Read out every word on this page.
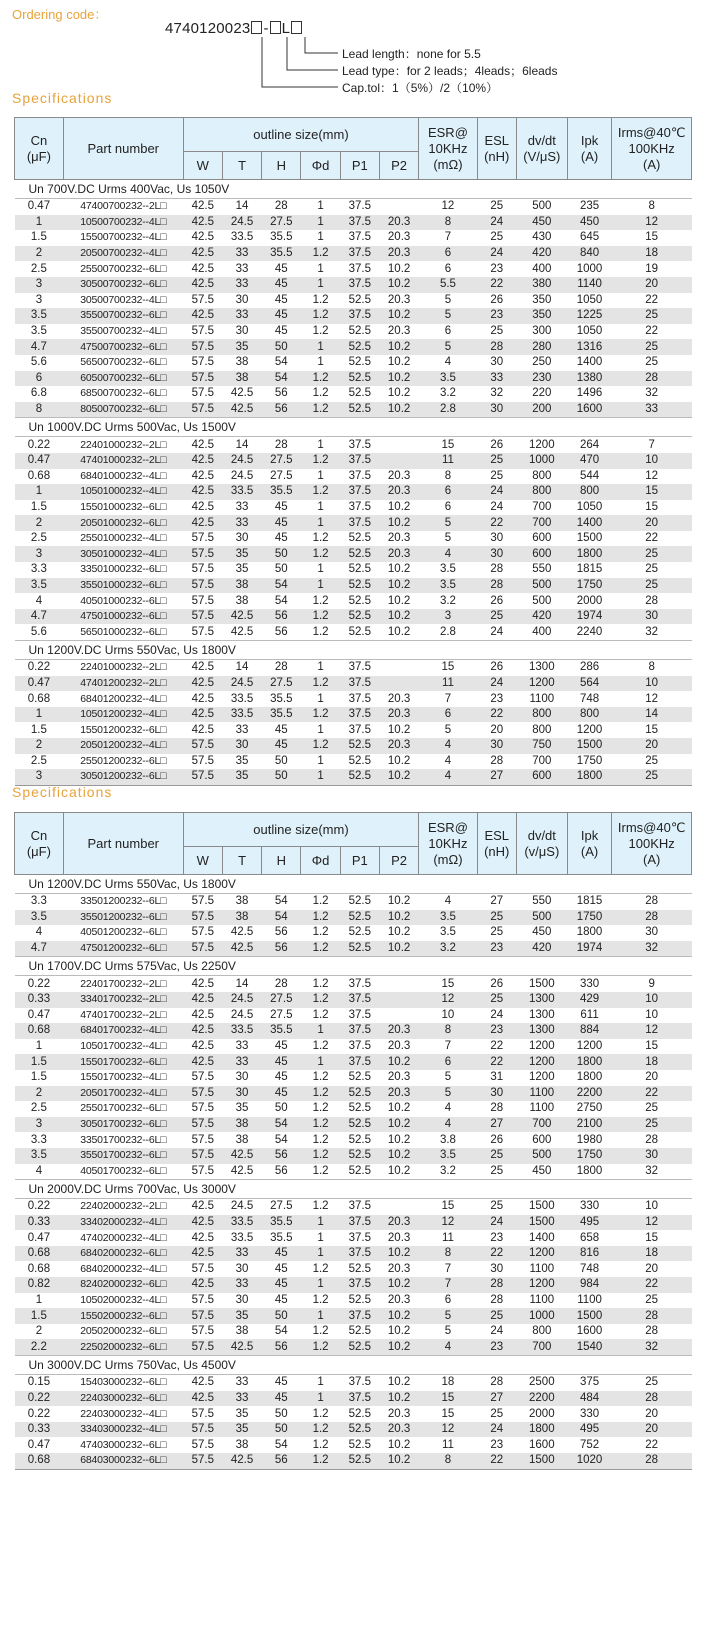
Ordering code：
4740120023 - L
Lead length：none for 5.5
Lead type：for 2 leads；4leads；6leads
Cap.tol：1（5%）/2（10%）
Specifications
Cn
(μF)	Part number	outline size(mm)						ESR@
10KHz
(mΩ)	ESL
(nH)	dv/dt
(V/μS)	Ipk
(A)	Irms@40℃
100KHz
(A)
		W	T	H	Φd	P1	P2					
Un 700V.DC Urms 400Vac, Us 1050V												
0.47	47400700232--2L□	42.5	14	28	1	37.5		12	25	500	235	8
1	10500700232--4L□	42.5	24.5	27.5	1	37.5	20.3	8	24	450	450	12
1.5	15500700232--4L□	42.5	33.5	35.5	1	37.5	20.3	7	25	430	645	15
2	20500700232--4L□	42.5	33	35.5	1.2	37.5	20.3	6	24	420	840	18
2.5	25500700232--6L□	42.5	33	45	1	37.5	10.2	6	23	400	1000	19
3	30500700232--6L□	42.5	33	45	1	37.5	10.2	5.5	22	380	1140	20
3	30500700232--4L□	57.5	30	45	1.2	52.5	20.3	5	26	350	1050	22
3.5	35500700232--6L□	42.5	33	45	1.2	37.5	10.2	5	23	350	1225	25
3.5	35500700232--4L□	57.5	30	45	1.2	52.5	20.3	6	25	300	1050	22
4.7	47500700232--6L□	57.5	35	50	1	52.5	10.2	5	28	280	1316	25
5.6	56500700232--6L□	57.5	38	54	1	52.5	10.2	4	30	250	1400	25
6	60500700232--6L□	57.5	38	54	1.2	52.5	10.2	3.5	33	230	1380	28
6.8	68500700232--6L□	57.5	42.5	56	1.2	52.5	10.2	3.2	32	220	1496	32
8	80500700232--6L□	57.5	42.5	56	1.2	52.5	10.2	2.8	30	200	1600	33
Un 1000V.DC Urms 500Vac, Us 1500V												
0.22	22401000232--2L□	42.5	14	28	1	37.5		15	26	1200	264	7
0.47	47401000232--2L□	42.5	24.5	27.5	1.2	37.5		11	25	1000	470	10
0.68	68401000232--4L□	42.5	24.5	27.5	1	37.5	20.3	8	25	800	544	12
1	10501000232--4L□	42.5	33.5	35.5	1.2	37.5	20.3	6	24	800	800	15
1.5	15501000232--6L□	42.5	33	45	1	37.5	10.2	6	24	700	1050	15
2	20501000232--6L□	42.5	33	45	1	37.5	10.2	5	22	700	1400	20
2.5	25501000232--4L□	57.5	30	45	1.2	52.5	20.3	5	30	600	1500	22
3	30501000232--4L□	57.5	35	50	1.2	52.5	20.3	4	30	600	1800	25
3.3	33501000232--6L□	57.5	35	50	1	52.5	10.2	3.5	28	550	1815	25
3.5	35501000232--6L□	57.5	38	54	1	52.5	10.2	3.5	28	500	1750	25
4	40501000232--6L□	57.5	38	54	1.2	52.5	10.2	3.2	26	500	2000	28
4.7	47501000232--6L□	57.5	42.5	56	1.2	52.5	10.2	3	25	420	1974	30
5.6	56501000232--6L□	57.5	42.5	56	1.2	52.5	10.2	2.8	24	400	2240	32
Un 1200V.DC Urms 550Vac, Us 1800V												
0.22	22401000232--2L□	42.5	14	28	1	37.5		15	26	1300	286	8
0.47	47401200232--2L□	42.5	24.5	27.5	1.2	37.5		11	24	1200	564	10
0.68	68401200232--4L□	42.5	33.5	35.5	1	37.5	20.3	7	23	1100	748	12
1	10501200232--4L□	42.5	33.5	35.5	1.2	37.5	20.3	6	22	800	800	14
1.5	15501200232--6L□	42.5	33	45	1	37.5	10.2	5	20	800	1200	15
2	20501200232--4L□	57.5	30	45	1.2	52.5	20.3	4	30	750	1500	20
2.5	25501200232--6L□	57.5	35	50	1	52.5	10.2	4	28	700	1750	25
3	30501200232--6L□	57.5	35	50	1	52.5	10.2	4	27	600	1800	25
Specifications
Cn
(μF)	Part number	outline size(mm)						ESR@
10KHz
(mΩ)	ESL
(nH)	dv/dt
(v/μS)	Ipk
(A)	Irms@40℃
100KHz
(A)
		W	T	H	Φd	P1	P2					
Un 1200V.DC Urms 550Vac, Us 1800V												
3.3	33501200232--6L□	57.5	38	54	1.2	52.5	10.2	4	27	550	1815	28
3.5	35501200232--6L□	57.5	38	54	1.2	52.5	10.2	3.5	25	500	1750	28
4	40501200232--6L□	57.5	42.5	56	1.2	52.5	10.2	3.5	25	450	1800	30
4.7	47501200232--6L□	57.5	42.5	56	1.2	52.5	10.2	3.2	23	420	1974	32
Un 1700V.DC Urms 575Vac, Us 2250V												
0.22	22401700232--2L□	42.5	14	28	1.2	37.5		15	26	1500	330	9
0.33	33401700232--2L□	42.5	24.5	27.5	1.2	37.5		12	25	1300	429	10
0.47	47401700232--2L□	42.5	24.5	27.5	1.2	37.5		10	24	1300	611	10
0.68	68401700232--4L□	42.5	33.5	35.5	1	37.5	20.3	8	23	1300	884	12
1	10501700232--4L□	42.5	33	45	1.2	37.5	20.3	7	22	1200	1200	15
1.5	15501700232--6L□	42.5	33	45	1	37.5	10.2	6	22	1200	1800	18
1.5	15501700232--4L□	57.5	30	45	1.2	52.5	20.3	5	31	1200	1800	20
2	20501700232--4L□	57.5	30	45	1.2	52.5	20.3	5	30	1100	2200	22
2.5	25501700232--6L□	57.5	35	50	1.2	52.5	10.2	4	28	1100	2750	25
3	30501700232--6L□	57.5	38	54	1.2	52.5	10.2	4	27	700	2100	25
3.3	33501700232--6L□	57.5	38	54	1.2	52.5	10.2	3.8	26	600	1980	28
3.5	35501700232--6L□	57.5	42.5	56	1.2	52.5	10.2	3.5	25	500	1750	30
4	40501700232--6L□	57.5	42.5	56	1.2	52.5	10.2	3.2	25	450	1800	32
Un 2000V.DC Urms 700Vac, Us 3000V												
0.22	22402000232--2L□	42.5	24.5	27.5	1.2	37.5		15	25	1500	330	10
0.33	33402000232--4L□	42.5	33.5	35.5	1	37.5	20.3	12	24	1500	495	12
0.47	47402000232--4L□	42.5	33.5	35.5	1	37.5	20.3	11	23	1400	658	15
0.68	68402000232--6L□	42.5	33	45	1	37.5	10.2	8	22	1200	816	18
0.68	68402000232--4L□	57.5	30	45	1.2	52.5	20.3	7	30	1100	748	20
0.82	82402000232--6L□	42.5	33	45	1	37.5	10.2	7	28	1200	984	22
1	10502000232--4L□	57.5	30	45	1.2	52.5	20.3	6	28	1100	1100	25
1.5	15502000232--6L□	57.5	35	50	1	37.5	10.2	5	25	1000	1500	28
2	20502000232--6L□	57.5	38	54	1.2	52.5	10.2	5	24	800	1600	28
2.2	22502000232--6L□	57.5	42.5	56	1.2	52.5	10.2	4	23	700	1540	32
Un 3000V.DC Urms 750Vac, Us 4500V												
0.15	15403000232--6L□	42.5	33	45	1	37.5	10.2	18	28	2500	375	25
0.22	22403000232--6L□	42.5	33	45	1	37.5	10.2	15	27	2200	484	28
0.22	22403000232--4L□	57.5	35	50	1.2	52.5	20.3	15	25	2000	330	20
0.33	33403000232--4L□	57.5	35	50	1.2	52.5	20.3	12	24	1800	495	20
0.47	47403000232--6L□	57.5	38	54	1.2	52.5	10.2	11	23	1600	752	22
0.68	68403000232--6L□	57.5	42.5	56	1.2	52.5	10.2	8	22	1500	1020	28
